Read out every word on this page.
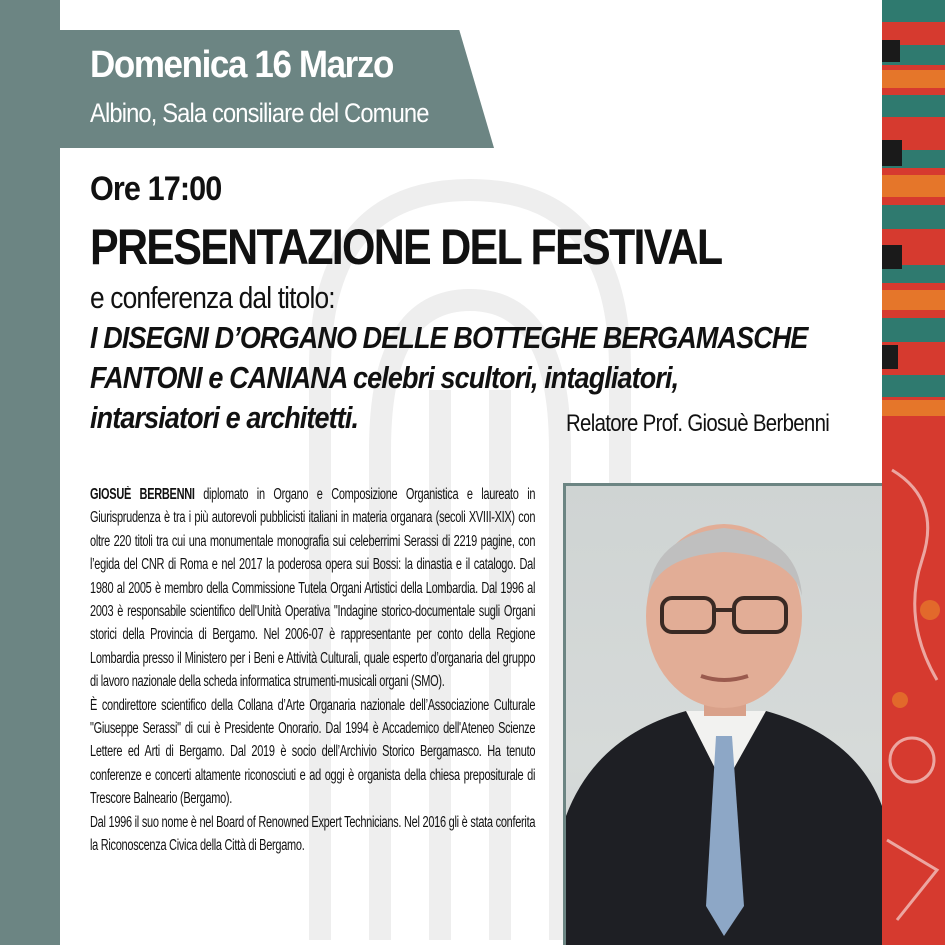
Domenica 16 Marzo
Albino, Sala consiliare del Comune
Ore 17:00
PRESENTAZIONE DEL FESTIVAL
e conferenza dal titolo:
I DISEGNI D’ORGANO DELLE BOTTEGHE BERGAMASCHE
FANTONI e CANIANA celebri scultori, intagliatori,
intarsiatori e architetti.	Relatore Prof. Giosuè Berbenni

GIOSUÈ BERBENNI diplomato in Organo e Composizione Organistica e laureato in Giurisprudenza è tra i più autorevoli pubblicisti italiani in materia organara (secoli XVIII-XIX) con oltre 220 titoli tra cui una monumentale monografia sui celeberrimi Serassi di 2219 pagine, con l’egida del CNR di Roma e nel 2017 la poderosa opera sui Bossi: la dinastia e il catalogo. Dal 1980 al 2005 è membro della Commissione Tutela Organi Artistici della Lombardia. Dal 1996 al 2003 è responsabile scientifico dell'Unità Operativa "Indagine storico-documentale sugli Organi storici della Provincia di Bergamo. Nel 2006-07 è rappresentante per conto della Regione Lombardia presso il Ministero per i Beni e Attività Culturali, quale esperto d’organaria del gruppo di lavoro nazionale della scheda informatica strumenti-musicali organi (SMO).

È condirettore scientifico della Collana d’Arte Organaria nazionale dell’Associazione Culturale "Giuseppe Serassi" di cui è Presidente Onorario. Dal 1994 è Accademico dell'Ateneo Scienze Lettere ed Arti di Bergamo. Dal 2019 è socio dell’Archivio Storico Bergamasco. Ha tenuto conferenze e concerti altamente riconosciuti e ad oggi è organista della chiesa prepositurale di Trescore Balneario (Bergamo).

Dal 1996 il suo nome è nel Board of Renowned Expert Technicians. Nel 2016 gli è stata conferita la Riconoscenza Civica della Città di Bergamo.
